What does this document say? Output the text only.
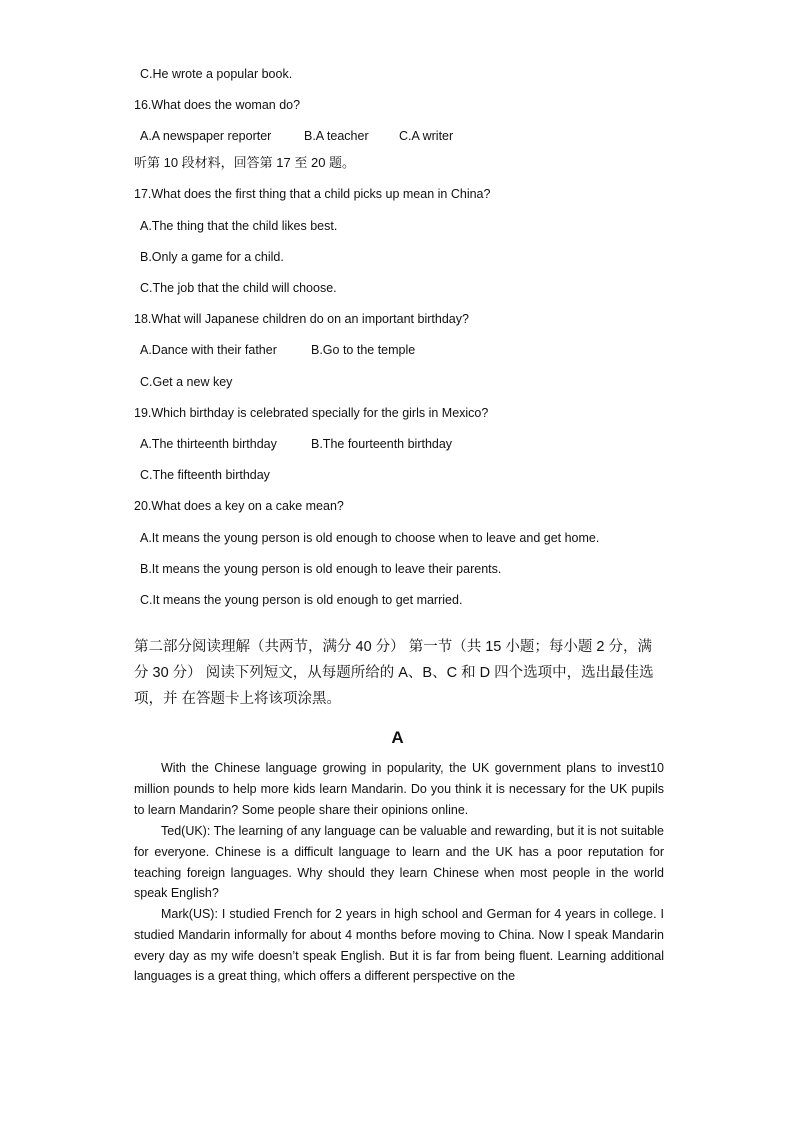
C.He wrote a popular book.
16.What does the woman do?
A.A newspaper reporter	B.A teacher C.A writer
听第 10 段材料，回答第 17 至 20 题。
17.What does the first thing that a child picks up mean in China?
A.The thing that the child likes best.
B.Only a game for a child.
C.The job that the child will choose.
18.What will Japanese children do on an important birthday?
A.Dance with their father	B.Go to the temple
C.Get a new key
19.Which birthday is celebrated specially for the girls in Mexico?
A.The thirteenth birthday	B.The fourteenth birthday
C.The fifteenth birthday
20.What does a key on a cake mean?
A.It means the young person is old enough to choose when to leave and get home.
B.It means the young person is old enough to leave their parents.
C.It means the young person is old enough to get married.
第二部分阅读理解（共两节，满分 40 分） 第一节（共 15 小题；每小题 2 分，满分 30 分） 阅读下列短文，从每题所给的 A、B、C 和 D 四个选项中，选出最佳选项，并 在答题卡上将该项涂黑。
A
With the Chinese language growing in popularity, the UK government plans to invest10 million pounds to help more kids learn Mandarin. Do you think it is necessary for the UK pupils to learn Mandarin? Some people share their opinions online.
Ted(UK): The learning of any language can be valuable and rewarding, but it is not suitable for everyone. Chinese is a difficult language to learn and the UK has a poor reputation for teaching foreign languages. Why should they learn Chinese when most people in the world speak English?
Mark(US): I studied French for 2 years in high school and German for 4 years in college. I studied Mandarin informally for about 4 months before moving to China. Now I speak Mandarin every day as my wife doesn’t speak English. But it is far from being fluent. Learning additional languages is a great thing, which offers a different perspective on the
